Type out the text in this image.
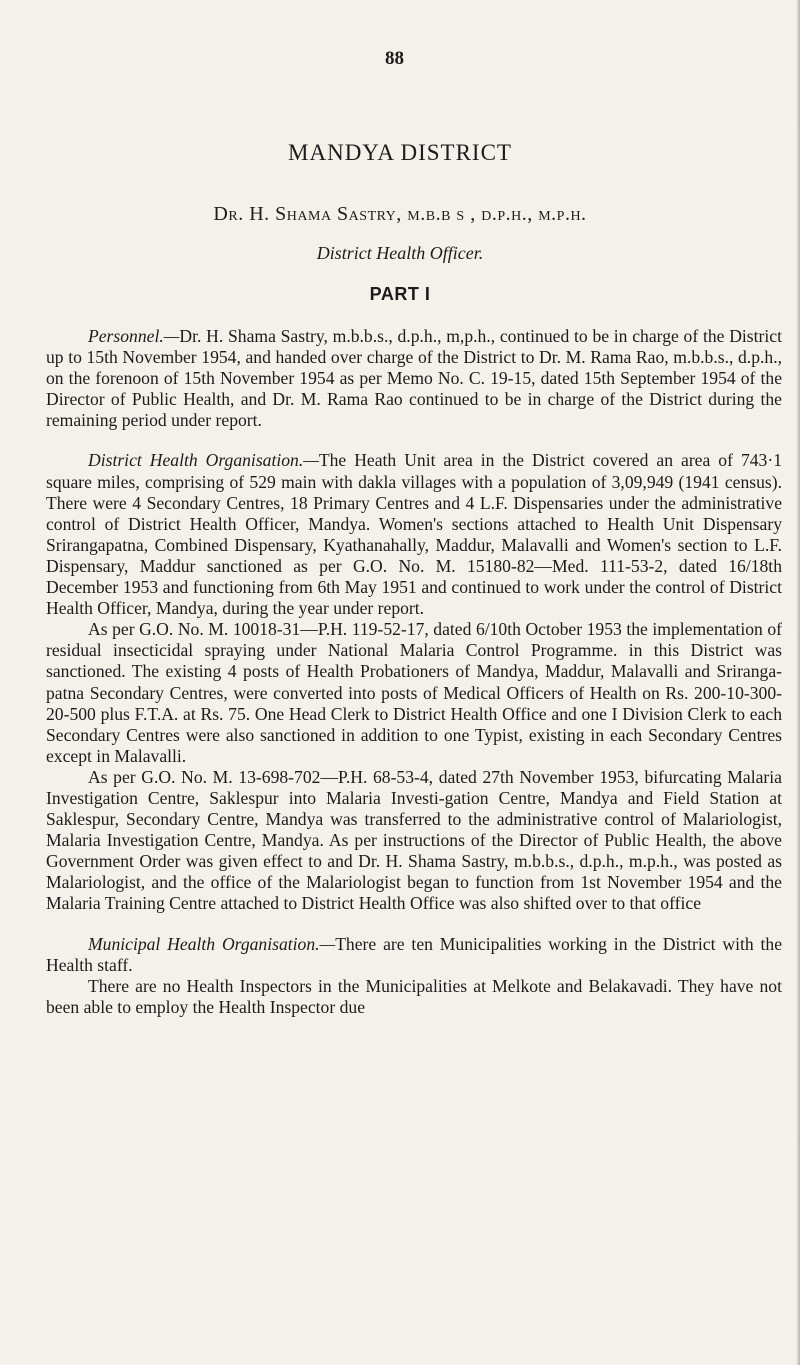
88
MANDYA DISTRICT
Dr. H. Shama Sastry, m.b.b s , d.p.h., m.p.h.
District Health Officer.
PART I

Personnel.—Dr. H. Shama Sastry, m.b.b.s., d.p.h., m,p.h., continued to be in charge of the District up to 15th November 1954, and handed over charge of the District to Dr. M. Rama Rao, m.b.b.s., d.p.h., on the forenoon of 15th November 1954 as per Memo No. C. 19-15, dated 15th September 1954 of the Director of Public Health, and Dr. M. Rama Rao continued to be in charge of the District during the remaining period under report.

District Health Organisation.—The Heath Unit area in the District covered an area of 743·1 square miles, comprising of 529 main with dakla villages with a population of 3,09,949 (1941 census). There were 4 Secondary Centres, 18 Primary Centres and 4 L.F. Dispensaries under the administrative control of District Health Officer, Mandya. Women's sections attached to Health Unit Dispensary Srirangapatna, Combined Dispensary, Kyathanahally, Maddur, Malavalli and Women's section to L.F. Dispensary, Maddur sanctioned as per G.O. No. M. 15180-82—Med. 111-53-2, dated 16/18th December 1953 and functioning from 6th May 1951 and continued to work under the control of District Health Officer, Mandya, during the year under report.

As per G.O. No. M. 10018-31—P.H. 119-52-17, dated 6/10th October 1953 the implementation of residual insecticidal spraying under National Malaria Control Programme. in this District was sanctioned. The existing 4 posts of Health Probationers of Mandya, Maddur, Malavalli and Sriranga-patna Secondary Centres, were converted into posts of Medical Officers of Health on Rs. 200-10-300-20-500 plus F.T.A. at Rs. 75. One Head Clerk to District Health Office and one I Division Clerk to each Secondary Centres were also sanctioned in addition to one Typist, existing in each Secondary Centres except in Malavalli.

As per G.O. No. M. 13-698-702—P.H. 68-53-4, dated 27th November 1953, bifurcating Malaria Investigation Centre, Saklespur into Malaria Investi-gation Centre, Mandya and Field Station at Saklespur, Secondary Centre, Mandya was transferred to the administrative control of Malariologist, Malaria Investigation Centre, Mandya. As per instructions of the Director of Public Health, the above Government Order was given effect to and Dr. H. Shama Sastry, m.b.b.s., d.p.h., m.p.h., was posted as Malariologist, and the office of the Malariologist began to function from 1st November 1954 and the Malaria Training Centre attached to District Health Office was also shifted over to that office

Municipal Health Organisation.—There are ten Municipalities working in the District with the Health staff.

There are no Health Inspectors in the Municipalities at Melkote and Belakavadi. They have not been able to employ the Health Inspector due
